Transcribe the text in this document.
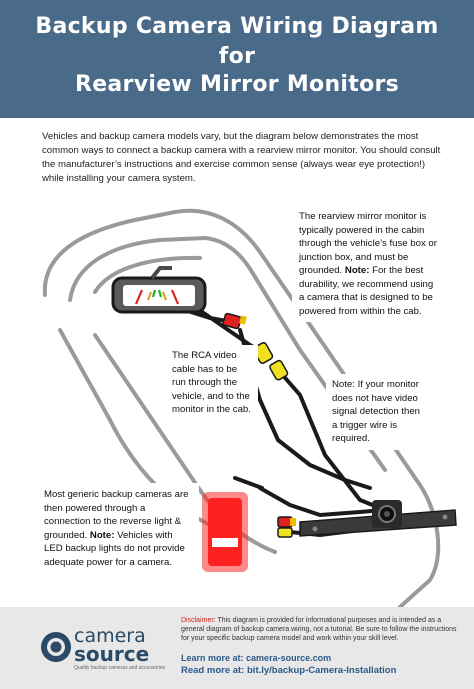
Backup Camera Wiring Diagram
for
Rearview Mirror Monitors

Vehicles and backup camera models vary, but the diagram below demonstrates the most common ways to connect a backup camera with a rearview mirror monitor. You should consult the manufacturer’s instructions and exercise common sense (always wear eye protection!) while installing your camera system.

The rearview mirror monitor is typically powered in the cabin through the vehicle’s fuse box or junction box, and must be grounded. Note: For the best durability, we recommend using a camera that is designed to be powered from within the cab.
The RCA video cable has to be run through the vehicle, and to the monitor in the cab.
Note: If your monitor does not have video signal detection then a trigger wire is required.
Most generic backup cameras are then powered through a connection to the reverse light & grounded. Note: Vehicles with LED backup lights do not provide adequate power for a camera.
camera
source
Quality backup cameras and accessories

Disclaimer: This diagram is provided for informational purposes and is intended as a general diagram of backup camera wiring, not a tutorial. Be sure to follow the instructions for your specific backup camera model and work within your skill level.

Learn more at: camera-source.com
Read more at: bit.ly/backup-Camera-Installation
